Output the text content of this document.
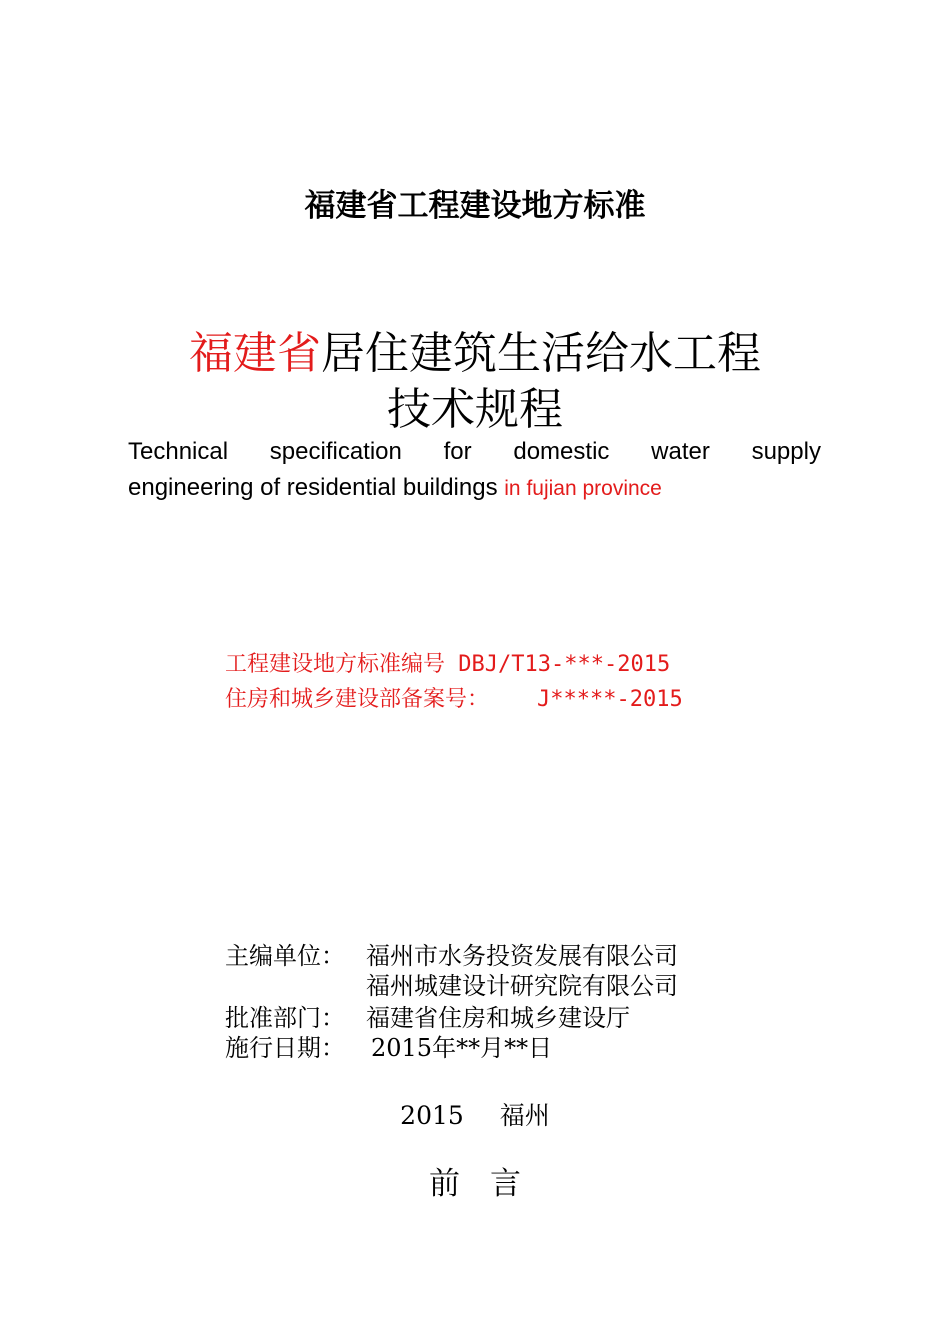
福建省工程建设地方标准
福建省居住建筑生活给水工程
技术规程
Technical specification for domestic water supply
engineering of residential buildings in fujian province
工程建设地方标准编号 DBJ/T13-***-2015
住房和城乡建设部备案号： J*****-2015
主编单位： 福州市水务投资发展有限公司
福州城建设计研究院有限公司
批准部门： 福建省住房和城乡建设厅
施行日期： 2015年**月**日
2015 福州
前言
